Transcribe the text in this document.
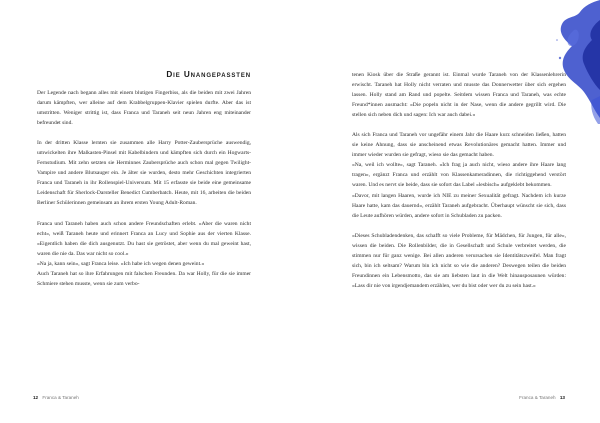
Die Unangepassten

Der Legende nach begann alles mit einem blutigen Fingerbiss, als die beiden mit zwei Jahren darum kämpften, wer alleine auf dem Krabbelgruppen-Klavier spielen durfte. Aber das ist umstritten. Weniger strittig ist, dass Franca und Taraneh seit neun Jahren eng miteinander befreundet sind.

In der dritten Klasse lernten sie zusammen alle Harry Potter-Zaubersprüche auswendig, umwickelten ihre Malkasten-Pinsel mit Kabelbindern und kämpften sich durch ein Hogwarts-Fernstudium. Mit zehn setzten sie Herminnes Zaubersprüche auch schon mal gegen Twilight-Vampire und andere Blutsauger ein. Je älter sie wurden, desto mehr Geschichten integrierten Franca und Taraneh in ihr Rollenspiel-Universum. Mit 15 erfasste sie beide eine gemeinsame Leidenschaft für Sherlock-Darsteller Benedict Cumberbatch. Heute, mit 16, arbeiten die beiden Berliner Schülerinnen gemeinsam an ihrem ersten Young Adult-Roman.

Franca und Taraneh haben auch schon andere Freundschaften erlebt. «Aber die waren nicht echt», weiß Taraneh heute und erinnert Franca an Lucy und Sophie aus der vierten Klasse. «Eigentlich haben die dich ausgenutzt. Du hast sie getröstet, aber wenn du mal geweint hast, waren die nie da. Das war nicht so cool.»

«Na ja, kann sein», sagt Franca leise. «Ich habe ich wegen denen geweint.»

Auch Taraneh hat so ihre Erfahrungen mit falschen Freunden. Da war Holly, für die sie immer Schmiere stehen musste, wenn sie zum verbo-

12 Franca & Taraneh

tenen Kiosk über die Straße gerannt ist. Einmal wurde Taraneh von der Klassenlehrerin erwischt. Taraneh hat Holly nicht verraten und musste das Donnerwetter über sich ergehen lassen. Holly stand am Rand und popelte. Seitdem wissen Franca und Taraneh, was echte Freund*innen ausmacht: «Die popeln nicht in der Nase, wenn die andere gegrillt wird. Die stellen sich neben dich und sagen: Ich war auch dabei.»

Als sich Franca und Taraneh vor ungefähr einem Jahr die Haare kurz schneiden ließen, hatten sie keine Ahnung, dass sie anscheinend etwas Revolutionäres gemacht hatten. Immer und immer wieder wurden sie gefragt, wieso sie das gemacht haben.

«Na, weil ich wollte», sagt Taraneh. «Ich frag ja auch nicht, wieso andere ihre Haare lang tragen», ergänzt Franca und erzählt von Klassenkameradinnen, die richtiggehend verstört waren. Und es nervt sie beide, dass sie sofort das Label «lesbisch» aufgeklebt bekommen.

«Davor, mit langen Haaren, wurde ich NIE zu meiner Sexualität gefragt. Nachdem ich kurze Haare hatte, kam das dauernd», erzählt Taraneh aufgebracht. Überhaupt wünscht sie sich, dass die Leute aufhören würden, andere sofort in Schubladen zu packen.

«Dieses Schubladendenken, das schafft so viele Probleme, für Mädchen, für Jungen, für alle», wissen die beiden. Die Rollenbilder, die in Gesellschaft und Schule verbreitet werden, die stimmen nur für ganz wenige. Bei allen anderen verursachen sie Identitätszweifel. Man fragt sich, bin ich seltsam? Warum bin ich nicht so wie die anderen? Deswegen teilen die beiden Freundinnen ein Lebensmotto, das sie am liebsten laut in die Welt hinausposaunen würden: «Lass dir nie von irgendjemandem erzählen, wer du bist oder wer du zu sein hast.»

Franca & Taraneh 13
